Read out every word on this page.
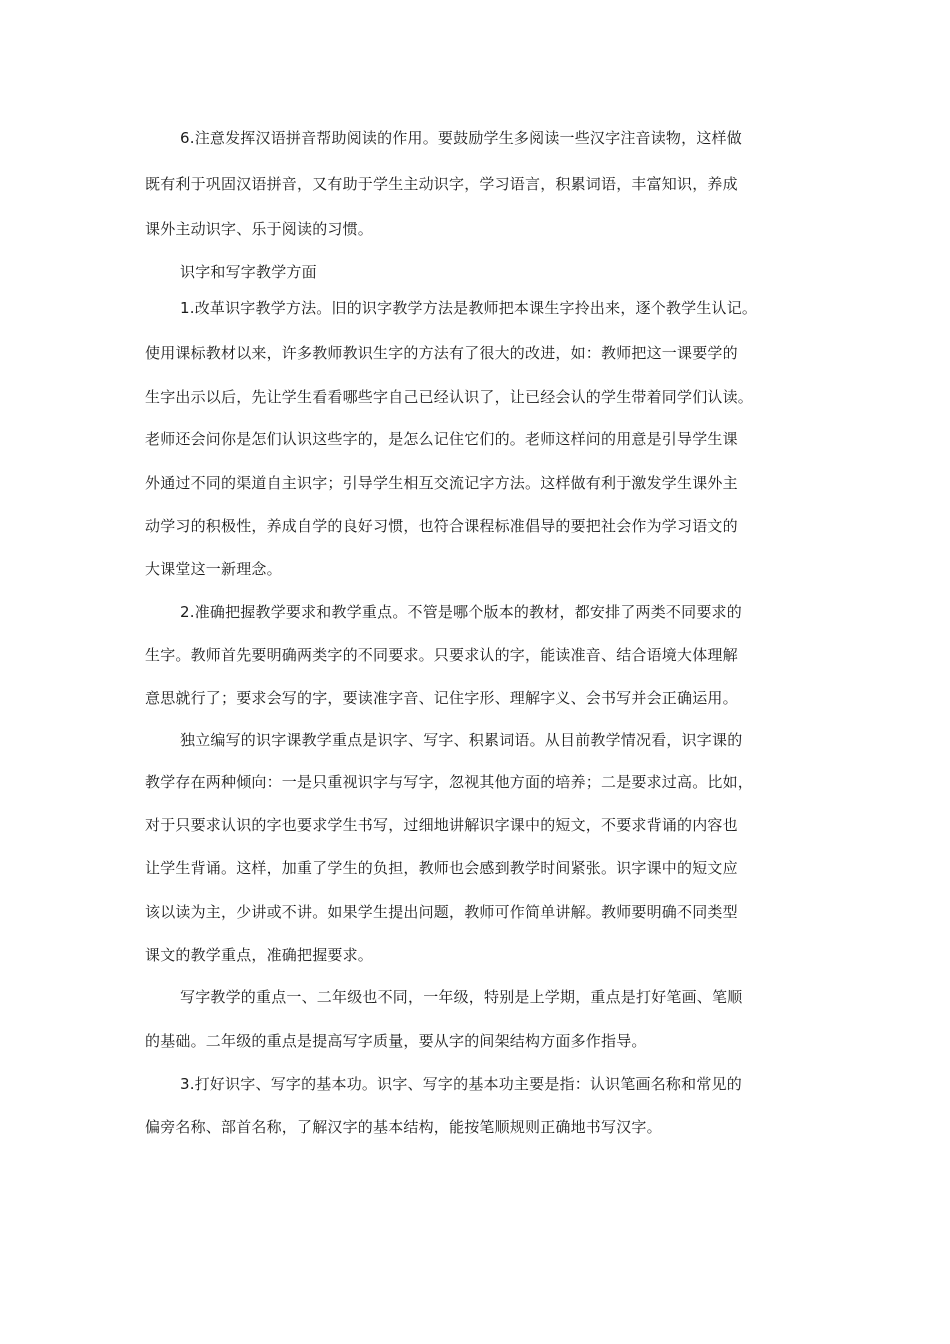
6.注意发挥汉语拼音帮助阅读的作用。要鼓励学生多阅读一些汉字注音读物，这样做
既有利于巩固汉语拼音，又有助于学生主动识字，学习语言，积累词语，丰富知识，养成
课外主动识字、乐于阅读的习惯。
识字和写字教学方面
1.改革识字教学方法。旧的识字教学方法是教师把本课生字拎出来，逐个教学生认记。
使用课标教材以来，许多教师教识生字的方法有了很大的改进，如：教师把这一课要学的
生字出示以后，先让学生看看哪些字自己已经认识了，让已经会认的学生带着同学们认读。
老师还会问你是怎们认识这些字的，是怎么记住它们的。老师这样问的用意是引导学生课
外通过不同的渠道自主识字；引导学生相互交流记字方法。这样做有利于激发学生课外主
动学习的积极性，养成自学的良好习惯，也符合课程标准倡导的要把社会作为学习语文的
大课堂这一新理念。
2.准确把握教学要求和教学重点。不管是哪个版本的教材，都安排了两类不同要求的
生字。教师首先要明确两类字的不同要求。只要求认的字，能读准音、结合语境大体理解
意思就行了；要求会写的字，要读准字音、记住字形、理解字义、会书写并会正确运用。
独立编写的识字课教学重点是识字、写字、积累词语。从目前教学情况看，识字课的
教学存在两种倾向：一是只重视识字与写字，忽视其他方面的培养；二是要求过高。比如，
对于只要求认识的字也要求学生书写，过细地讲解识字课中的短文，不要求背诵的内容也
让学生背诵。这样，加重了学生的负担，教师也会感到教学时间紧张。识字课中的短文应
该以读为主，少讲或不讲。如果学生提出问题，教师可作简单讲解。教师要明确不同类型
课文的教学重点，准确把握要求。
写字教学的重点一、二年级也不同，一年级，特别是上学期，重点是打好笔画、笔顺
的基础。二年级的重点是提高写字质量，要从字的间架结构方面多作指导。
3.打好识字、写字的基本功。识字、写字的基本功主要是指：认识笔画名称和常见的
偏旁名称、部首名称，了解汉字的基本结构，能按笔顺规则正确地书写汉字。
